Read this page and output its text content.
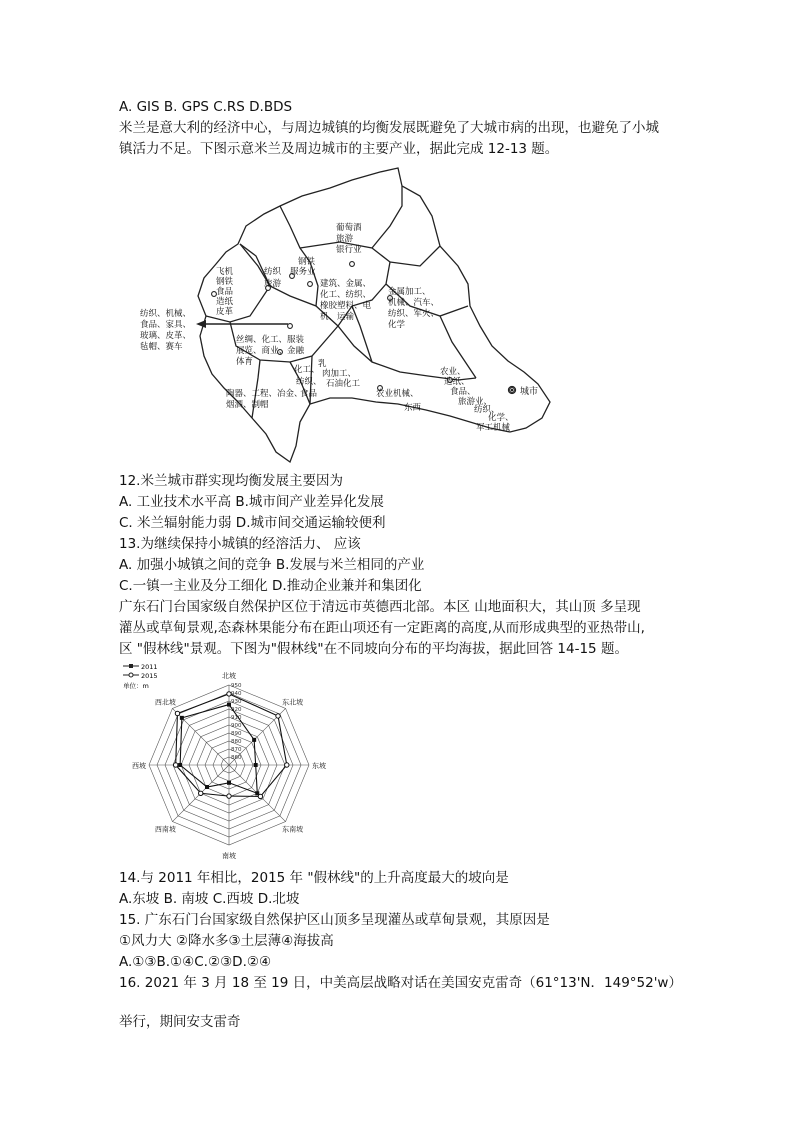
A. GIS B. GPS C.RS D.BDS
米兰是意大利的经济中心，与周边城镇的均衡发展既避免了大城市病的出现，也避免了小城
镇活力不足。下图示意米兰及周边城市的主要产业，据此完成 12-13 题。
葡萄酒
旅游
银行业
钢铁
服务业
纺织
旅游
飞机
钢铁
食品
造纸
皮革
建筑、金属、
化工、纺织、
橡胶塑料、电
机、运输
金属加工、
机械、汽车、
纺织、军火、
化学
纺织、机械、
食品、家具、
玻璃、皮革、
毡帽、赛车
丝绸、化工、服装
展览、商业、金融
体育
陶器、工程、冶金、
烟酒、制帽
乳
肉加工、
石油化工
农业机械、
东西
农业、
造纸、
食品、
旅游业、
纺织、
化学、
军工机械
化工、
纺织、
食品	城市
12.米兰城市群实现均衡发展主要因为
A. 工业技术水平高 B.城市间产业差异化发展
C. 米兰辐射能力弱 D.城市间交通运输较便利
13.为继续保持小城镇的经溶活力、 应该
A. 加强小城镇之间的竞争 B.发展与米兰相同的产业
C.一镇一主业及分工细化 D.推动企业兼并和集团化
广东石门台国家级自然保护区位于清远市英德西北部。本区 山地面积大，其山顶 多呈现
灌丛或草甸景观,态森林果能分布在距山项还有一定距离的高度,从而形成典型的亚热带山,
区 "假林线"景观。下图为"假林线"在不同坡向分布的平均海拔，据此回答 14-15 题。
2011
2015
单位：m
860
870
880
890
900
910
920
930
940
950
北坡
东北坡
东坡
东南坡
南坡
西南坡
西坡
西北坡
14.与 2011 年相比，2015 年 "假林线"的上升高度最大的坡向是
A.东坡 B. 南坡 C.西坡 D.北坡
15. 广东石门台国家级自然保护区山顶多呈现灌丛或草甸景观，其原因是
①风力大 ②降水多③土层薄④海拔高
A.①③B.①④C.②③D.②④
16. 2021 年 3 月 18 至 19 日，中美高层战略对话在美国安克雷奇（61°13'N．149°52'w）
举行，期间安支雷奇
